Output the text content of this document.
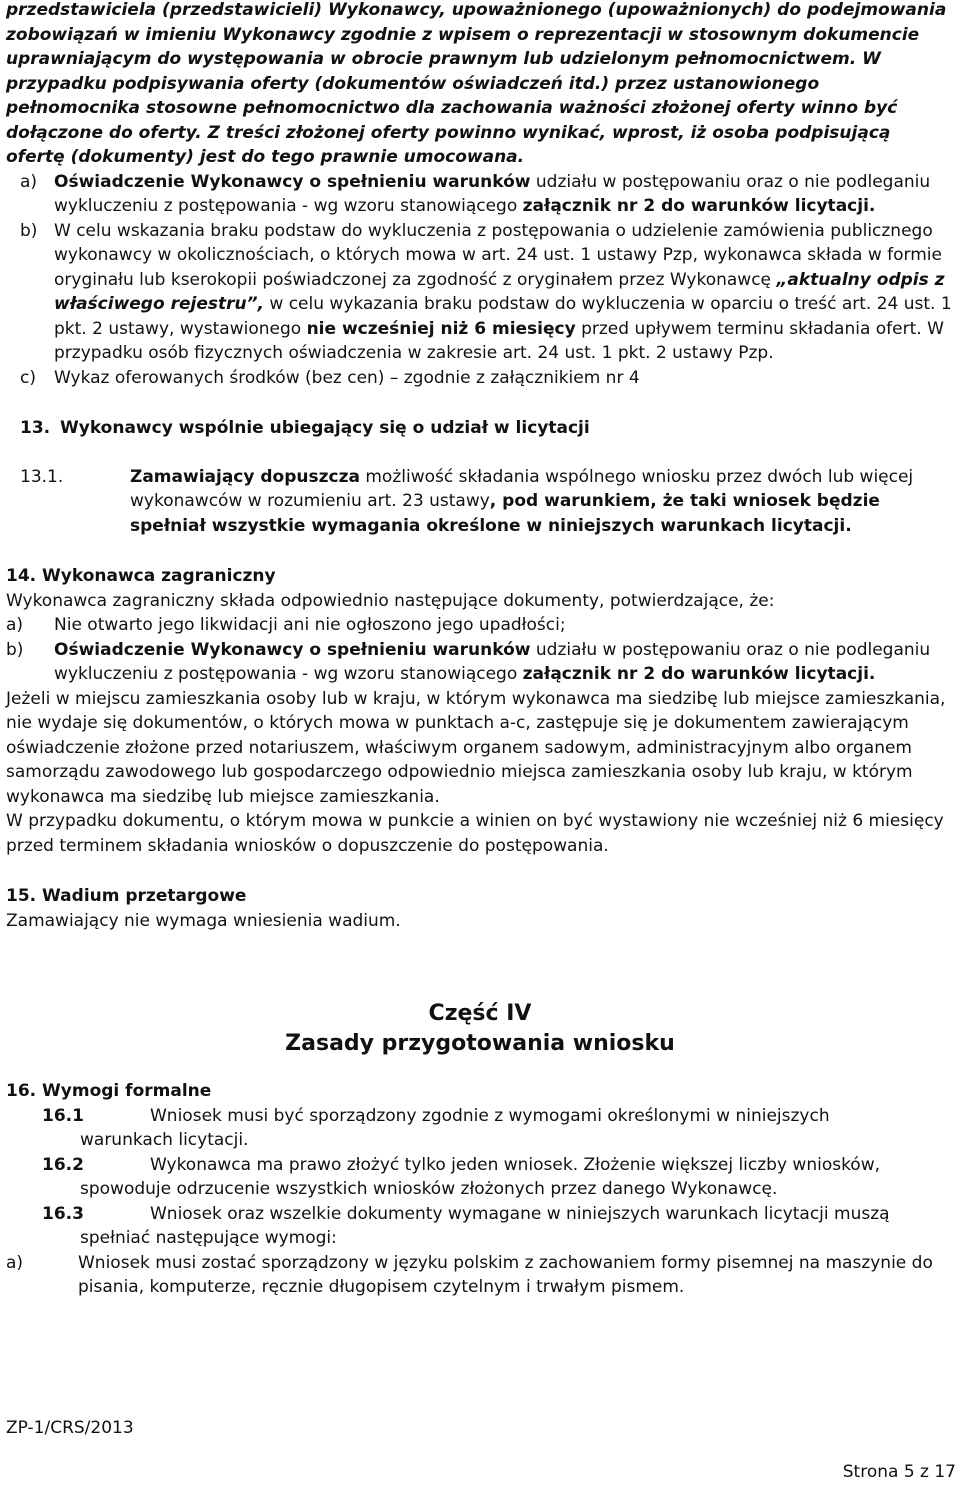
przedstawiciela (przedstawicieli) Wykonawcy, upoważnionego (upoważnionych) do podejmowania zobowiązań w imieniu Wykonawcy zgodnie z wpisem o reprezentacji w stosownym dokumencie uprawniającym do występowania w obrocie prawnym lub udzielonym pełnomocnictwem. W przypadku podpisywania oferty (dokumentów oświadczeń itd.) przez ustanowionego pełnomocnika stosowne pełnomocnictwo dla zachowania ważności złożonej oferty winno być dołączone do oferty. Z treści złożonej oferty powinno wynikać, wprost, iż osoba podpisującą ofertę (dokumenty) jest do tego prawnie umocowana.

a) Oświadczenie Wykonawcy o spełnieniu warunków udziału w postępowaniu oraz o nie podleganiu wykluczeniu z postępowania - wg wzoru stanowiącego załącznik nr 2 do warunków licytacji.
b) W celu wskazania braku podstaw do wykluczenia z postępowania o udzielenie zamówienia publicznego wykonawcy w okolicznościach, o których mowa w art. 24 ust. 1 ustawy Pzp, wykonawca składa w formie oryginału lub kserokopii poświadczonej za zgodność z oryginałem przez Wykonawcę „aktualny odpis z właściwego rejestru”, w celu wykazania braku podstaw do wykluczenia w oparciu o treść art. 24 ust. 1 pkt. 2 ustawy, wystawionego nie wcześniej niż 6 miesięcy przed upływem terminu składania ofert. W przypadku osób fizycznych oświadczenia w zakresie art. 24 ust. 1 pkt. 2 ustawy Pzp.
c)	Wykaz oferowanych środków (bez cen) – zgodnie z załącznikiem nr 4
13. Wykonawcy wspólnie ubiegający się o udział w licytacji
13.1.	Zamawiający dopuszcza możliwość składania wspólnego wniosku przez dwóch lub więcej wykonawców w rozumieniu art. 23 ustawy, pod warunkiem, że taki wniosek będzie spełniał wszystkie wymagania określone w niniejszych warunkach licytacji.

14. Wykonawca zagraniczny

Wykonawca zagraniczny składa odpowiednio następujące dokumenty, potwierdzające, że:

a)	Nie otwarto jego likwidacji ani nie ogłoszono jego upadłości;
b)	Oświadczenie Wykonawcy o spełnieniu warunków udziału w postępowaniu oraz o nie podleganiu wykluczeniu z postępowania - wg wzoru stanowiącego załącznik nr 2 do warunków licytacji.

Jeżeli w miejscu zamieszkania osoby lub w kraju, w którym wykonawca ma siedzibę lub miejsce zamieszkania, nie wydaje się dokumentów, o których mowa w punktach a-c, zastępuje się je dokumentem zawierającym oświadczenie złożone przed notariuszem, właściwym organem sadowym, administracyjnym albo organem samorządu zawodowego lub gospodarczego odpowiednio miejsca zamieszkania osoby lub kraju, w którym wykonawca ma siedzibę lub miejsce zamieszkania.

W przypadku dokumentu, o którym mowa w punkcie a winien on być wystawiony nie wcześniej niż 6 miesięcy przed terminem składania wniosków o dopuszczenie do postępowania.

15. Wadium przetargowe

Zamawiający nie wymaga wniesienia wadium.

Część IV

Zasady przygotowania wniosku

16. Wymogi formalne

16.1	Wniosek musi być sporządzony zgodnie z wymogami określonymi w niniejszych

warunkach licytacji.

16.2	Wykonawca ma prawo złożyć tylko jeden wniosek. Złożenie większej liczby wniosków,

spowoduje odrzucenie wszystkich wniosków złożonych przez danego Wykonawcę.

16.3	Wniosek oraz wszelkie dokumenty wymagane w niniejszych warunkach licytacji muszą

spełniać następujące wymogi:

a)	Wniosek musi zostać sporządzony w języku polskim z zachowaniem formy pisemnej na maszynie do pisania, komputerze, ręcznie długopisem czytelnym i trwałym pismem.
ZP-1/CRS/2013
Strona 5 z 17
